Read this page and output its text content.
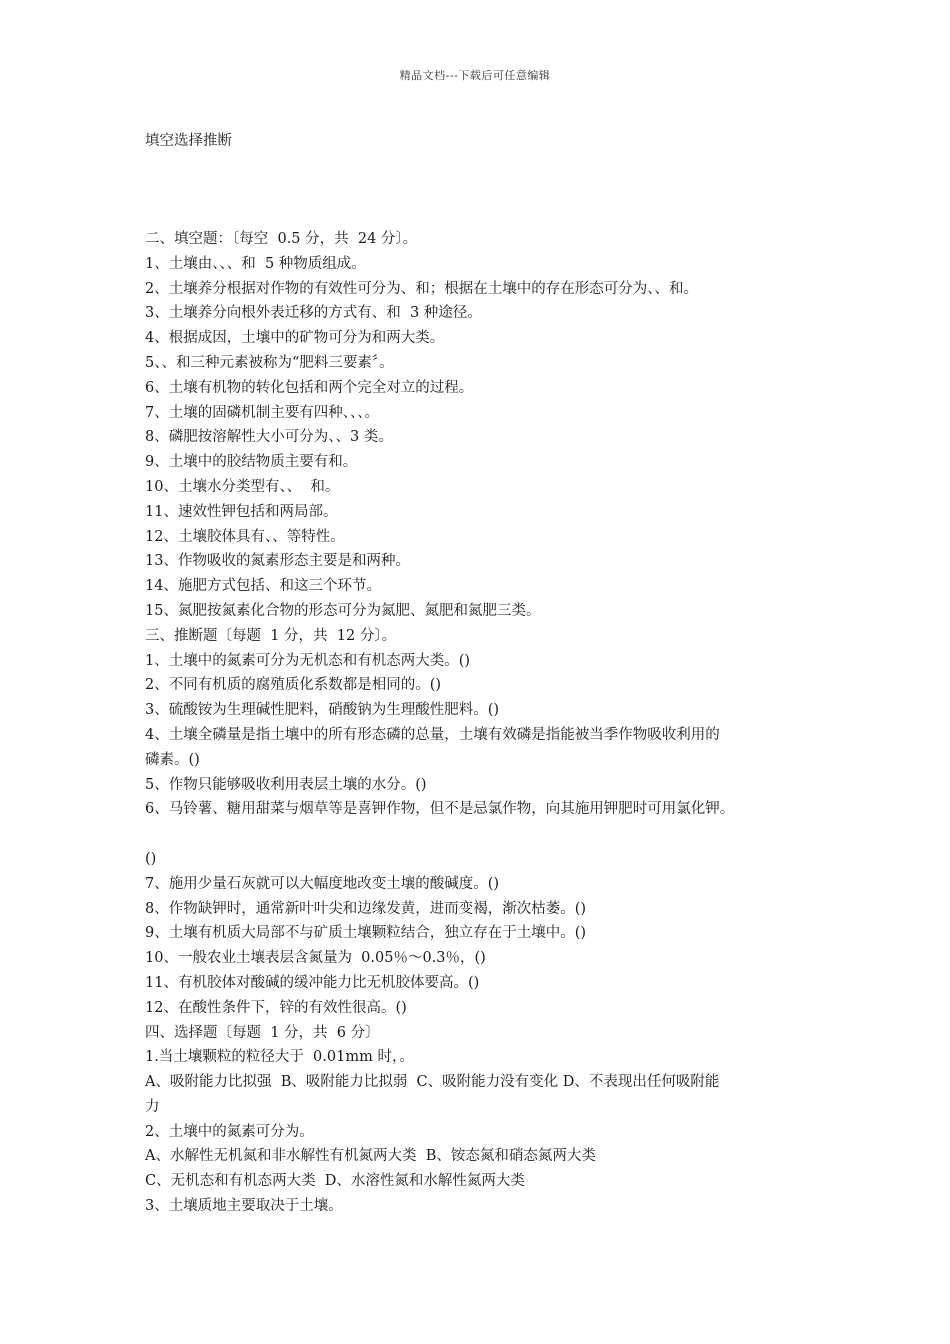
精品文档---下载后可任意编辑
填空选择推断
二、填空题：〔每空  0.5 分，共  24 分〕。
1、土壤由、、、和  5 种物质组成。
2、土壤养分根据对作物的有效性可分为、和；根据在土壤中的存在形态可分为、、和。
3、土壤养分向根外表迁移的方式有、和  3 种途径。
4、根据成因，土壤中的矿物可分为和两大类。
5、、和三种元素被称为“肥料三要素〞。
6、土壤有机物的转化包括和两个完全对立的过程。
7、土壤的固磷机制主要有四种、、、。
8、磷肥按溶解性大小可分为、、3 类。
9、土壤中的胶结物质主要有和。
10、土壤水分类型有、、  和。
11、速效性钾包括和两局部。
12、土壤胶体具有、、等特性。
13、作物吸收的氮素形态主要是和两种。
14、施肥方式包括、和这三个环节。
15、氮肥按氮素化合物的形态可分为氮肥、氮肥和氮肥三类。
三、推断题〔每题  1 分，共  12 分〕。
1、土壤中的氮素可分为无机态和有机态两大类。()
2、不同有机质的腐殖质化系数都是相同的。()
3、硫酸铵为生理碱性肥料，硝酸钠为生理酸性肥料。()
4、土壤全磷量是指土壤中的所有形态磷的总量，土壤有效磷是指能被当季作物吸收利用的
磷素。()
5、作物只能够吸收利用表层土壤的水分。()
6、马铃薯、糖用甜菜与烟草等是喜钾作物，但不是忌氯作物，向其施用钾肥时可用氯化钾。
()
7、施用少量石灰就可以大幅度地改变土壤的酸碱度。()
8、作物缺钾时，通常新叶叶尖和边缘发黄，进而变褐，渐次枯萎。()
9、土壤有机质大局部不与矿质土壤颗粒结合，独立存在于土壤中。()
10、一般农业土壤表层含氮量为  0.05％～0.3％，()
11、有机胶体对酸碱的缓冲能力比无机胶体要高。()
12、在酸性条件下，锌的有效性很高。()
四、选择题〔每题  1 分，共  6 分〕
1.当土壤颗粒的粒径大于  0.01mm 时，。
A、吸附能力比拟强  B、吸附能力比拟弱  C、吸附能力没有变化 D、不表现出任何吸附能
力
2、土壤中的氮素可分为。
A、水解性无机氮和非水解性有机氮两大类  B、铵态氮和硝态氮两大类
C、无机态和有机态两大类  D、水溶性氮和水解性氮两大类
3、土壤质地主要取决于土壤。
